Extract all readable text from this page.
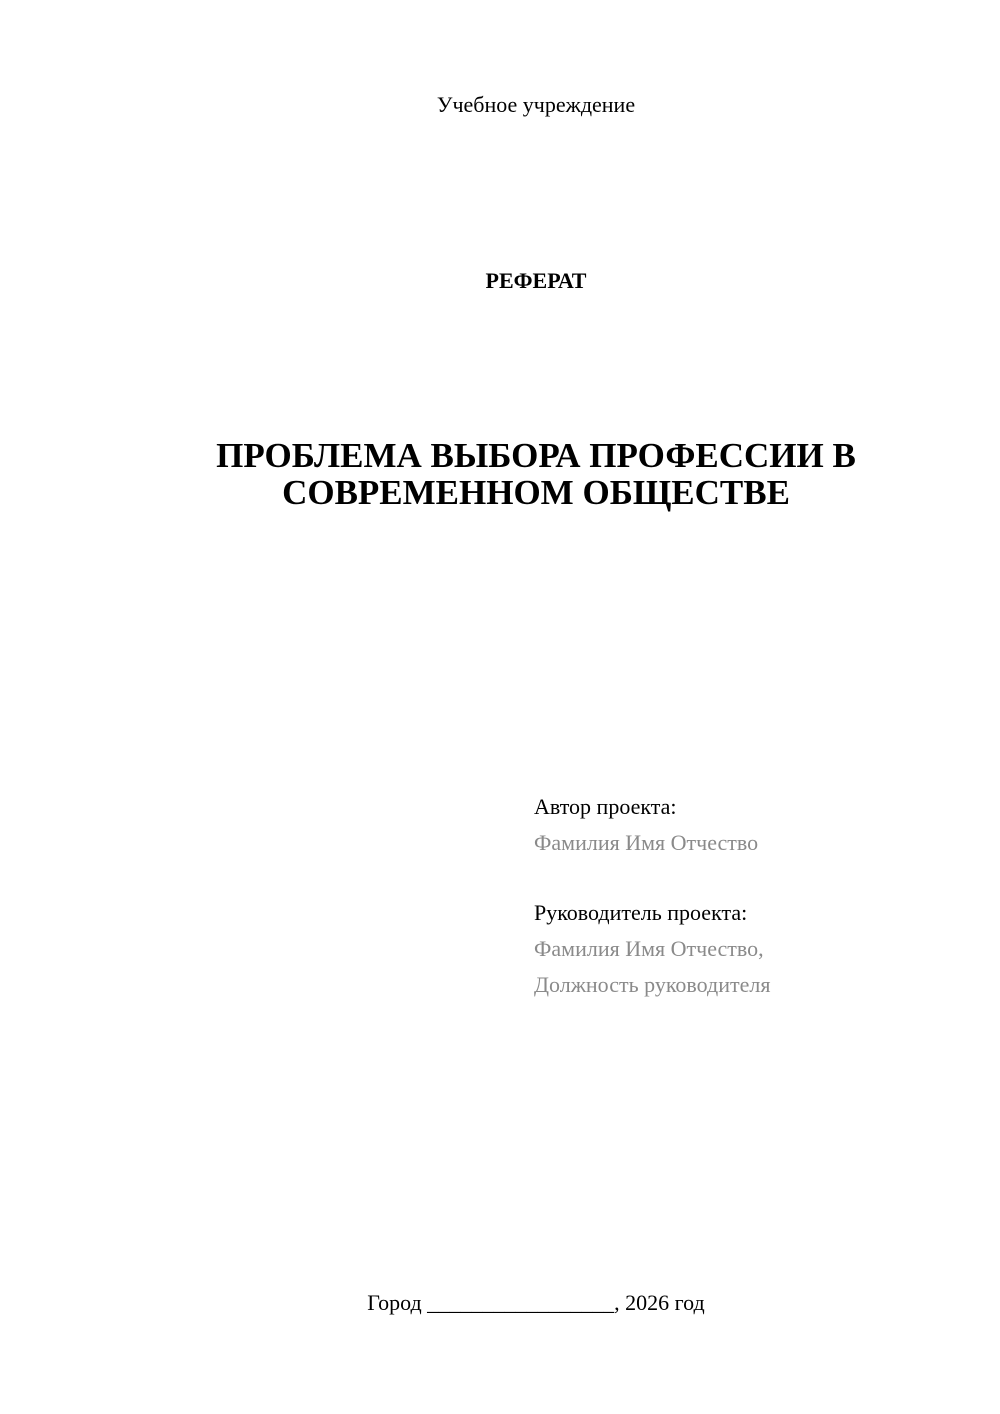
Учебное учреждение
РЕФЕРАТ
ПРОБЛЕМА ВЫБОРА ПРОФЕССИИ В
СОВРЕМЕННОМ ОБЩЕСТВЕ
Автор проекта:
Фамилия Имя Отчество
Руководитель проекта:
Фамилия Имя Отчество,
Должность руководителя
Город _________________, 2026 год
